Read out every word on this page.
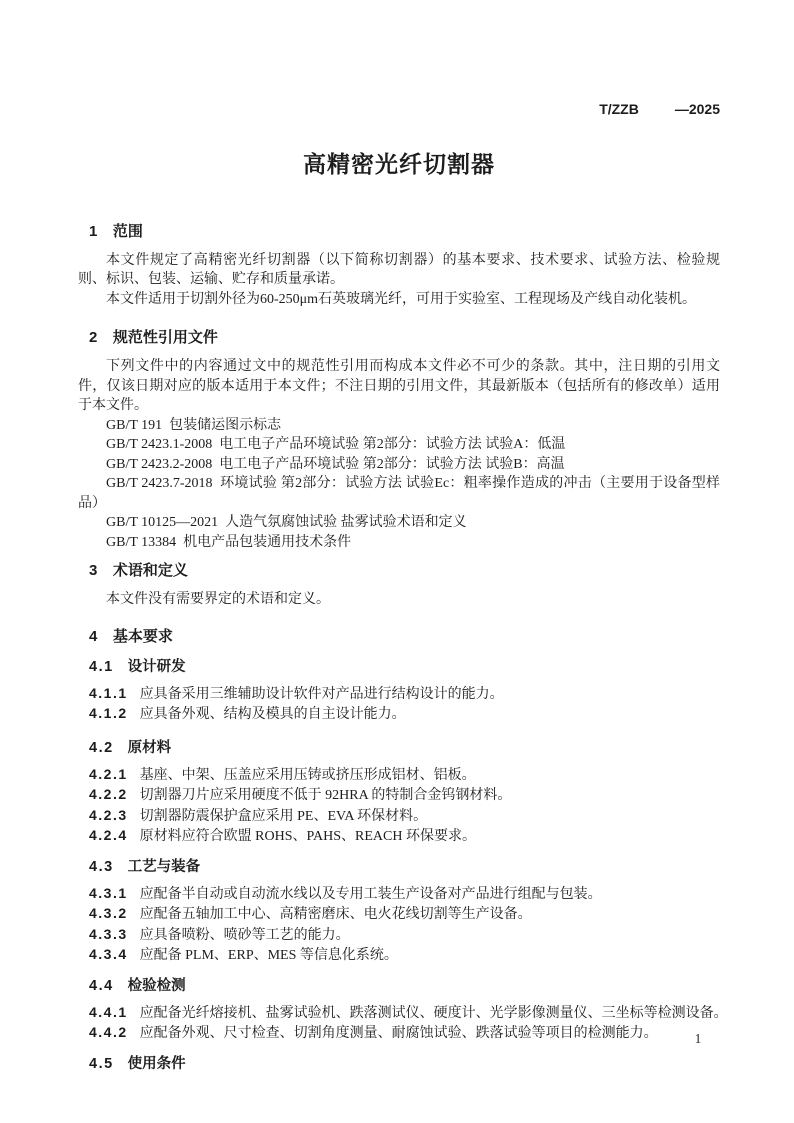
T/ZZB	—2025
高精密光纤切割器
1 范围

本文件规定了高精密光纤切割器（以下简称切割器）的基本要求、技术要求、试验方法、检验规则、标识、包装、运输、贮存和质量承诺。

本文件适用于切割外径为60-250μm石英玻璃光纤，可用于实验室、工程现场及产线自动化装机。

2 规范性引用文件

下列文件中的内容通过文中的规范性引用而构成本文件必不可少的条款。其中，注日期的引用文件，仅该日期对应的版本适用于本文件；不注日期的引用文件，其最新版本（包括所有的修改单）适用于本文件。

GB/T 191  包装储运图示标志

GB/T 2423.1-2008  电工电子产品环境试验 第2部分：试验方法 试验A：低温

GB/T 2423.2-2008  电工电子产品环境试验 第2部分：试验方法 试验B：高温

GB/T 2423.7-2018  环境试验 第2部分：试验方法 试验Ec：粗率操作造成的冲击（主要用于设备型样品）

GB/T 10125—2021  人造气氛腐蚀试验 盐雾试验术语和定义

GB/T 13384  机电产品包装通用技术条件

3 术语和定义

本文件没有需要界定的术语和定义。

4 基本要求
4.1 设计研发

4.1.1 应具备采用三维辅助设计软件对产品进行结构设计的能力。

4.1.2 应具备外观、结构及模具的自主设计能力。

4.2 原材料

4.2.1 基座、中架、压盖应采用压铸或挤压形成铝材、铝板。

4.2.2 切割器刀片应采用硬度不低于 92HRA 的特制合金钨钢材料。

4.2.3 切割器防震保护盒应采用 PE、EVA 环保材料。

4.2.4 原材料应符合欧盟 ROHS、PAHS、REACH 环保要求。

4.3 工艺与装备

4.3.1 应配备半自动或自动流水线以及专用工装生产设备对产品进行组配与包装。

4.3.2 应配备五轴加工中心、高精密磨床、电火花线切割等生产设备。

4.3.3 应具备喷粉、喷砂等工艺的能力。

4.3.4 应配备 PLM、ERP、MES 等信息化系统。

4.4 检验检测

4.4.1 应配备光纤熔接机、盐雾试验机、跌落测试仪、硬度计、光学影像测量仪、三坐标等检测设备。

4.4.2 应配备外观、尺寸检查、切割角度测量、耐腐蚀试验、跌落试验等项目的检测能力。

4.5 使用条件
1
